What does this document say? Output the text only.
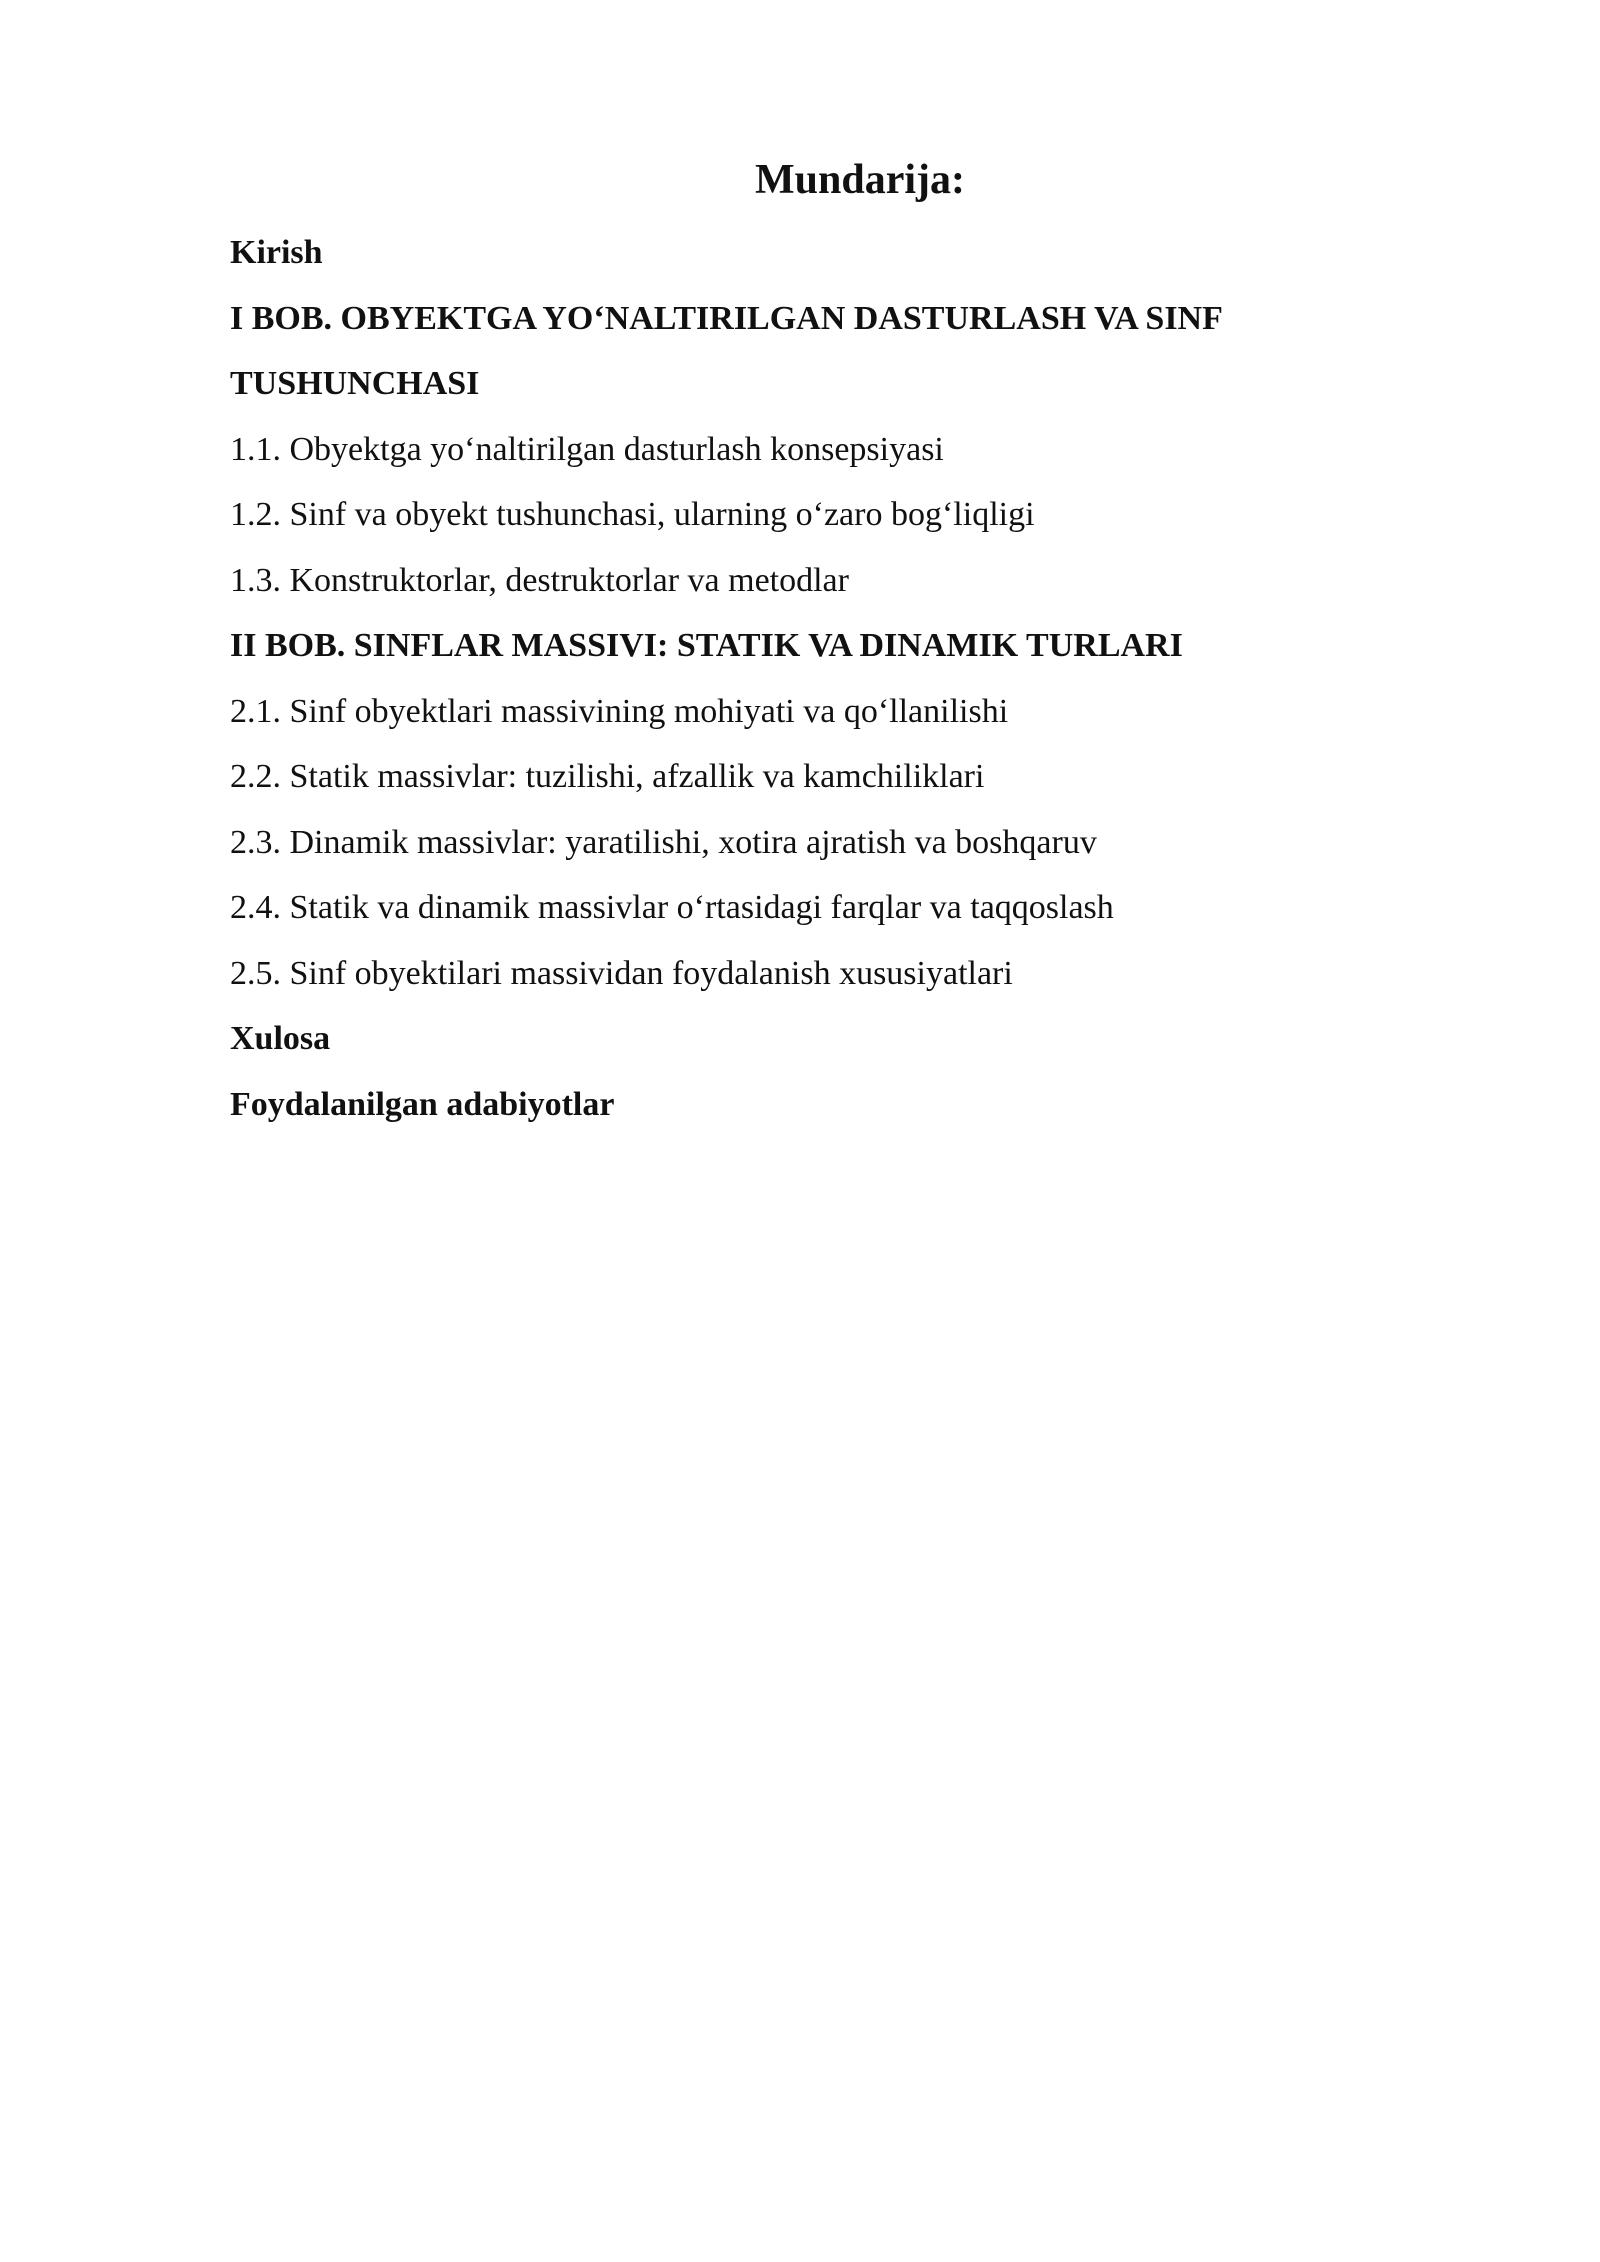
Mundarija:
Kirish
I BOB. OBYEKTGA YO‘NALTIRILGAN DASTURLASH VA SINF
TUSHUNCHASI
1.1. Obyektga yo‘naltirilgan dasturlash konsepsiyasi
1.2. Sinf va obyekt tushunchasi, ularning o‘zaro bog‘liqligi
1.3. Konstruktorlar, destruktorlar va metodlar
II BOB. SINFLAR MASSIVI: STATIK VA DINAMIK TURLARI
2.1. Sinf obyektlari massivining mohiyati va qo‘llanilishi
2.2. Statik massivlar: tuzilishi, afzallik va kamchiliklari
2.3. Dinamik massivlar: yaratilishi, xotira ajratish va boshqaruv
2.4. Statik va dinamik massivlar o‘rtasidagi farqlar va taqqoslash
2.5. Sinf obyektilari massividan foydalanish xususiyatlari
Xulosa
Foydalanilgan adabiyotlar
